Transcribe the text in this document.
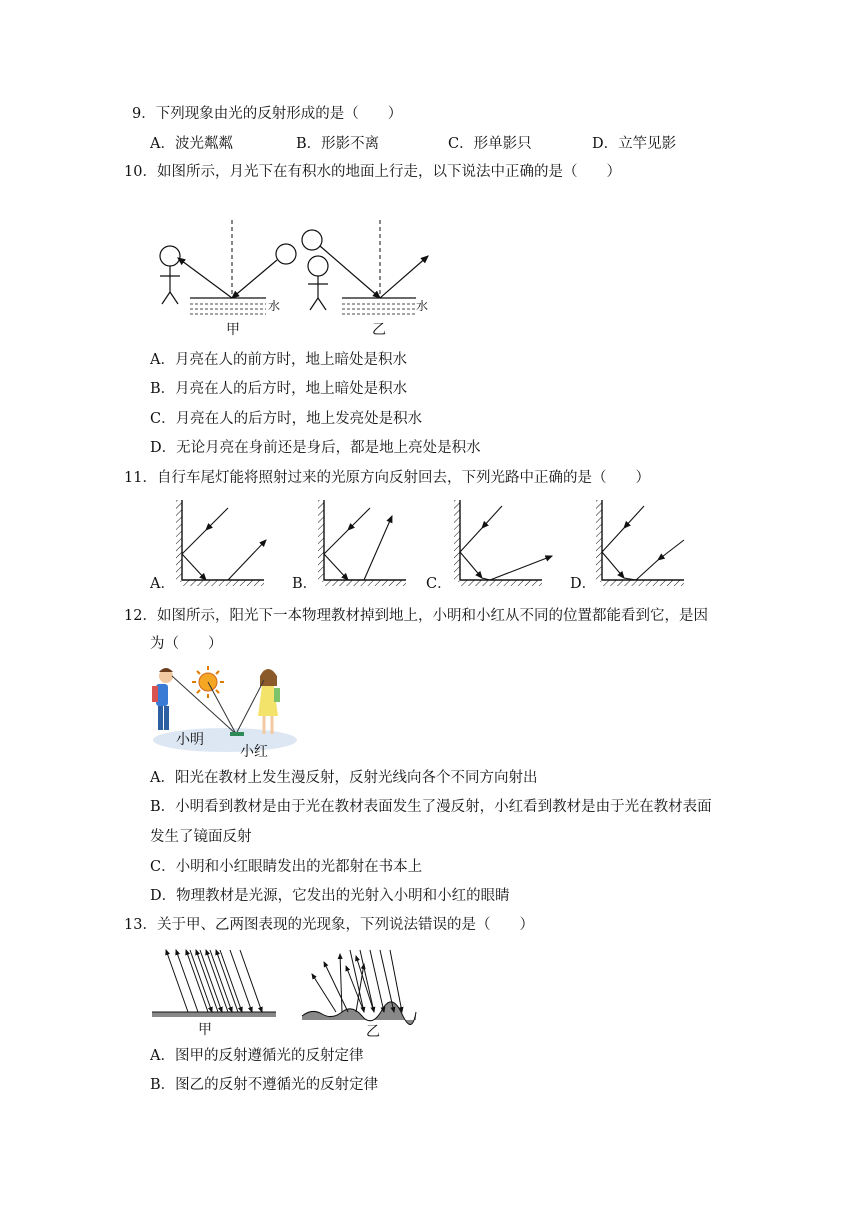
9．下列现象由光的反射形成的是（　　）
A．波光粼粼	B．形影不离	C．形单影只	D．立竿见影
10．如图所示，月光下在有积水的地面上行走，以下说法中正确的是（　　）
水
甲
水
乙
A．月亮在人的前方时，地上暗处是积水
B．月亮在人的后方时，地上暗处是积水
C．月亮在人的后方时，地上发亮处是积水
D．无论月亮在身前还是身后，都是地上亮处是积水
11．自行车尾灯能将照射过来的光原方向反射回去，下列光路中正确的是（　　）
A．	B．	C．	D．
12．如图所示，阳光下一本物理教材掉到地上，小明和小红从不同的位置都能看到它，是因
为（　　）
小明
小红
A．阳光在教材上发生漫反射，反射光线向各个不同方向射出
B．小明看到教材是由于光在教材表面发生了漫反射，小红看到教材是由于光在教材表面
发生了镜面反射
C．小明和小红眼睛发出的光都射在书本上
D．物理教材是光源，它发出的光射入小明和小红的眼睛
13．关于甲、乙两图表现的光现象，下列说法错误的是（　　）
甲	乙
A．图甲的反射遵循光的反射定律
B．图乙的反射不遵循光的反射定律
